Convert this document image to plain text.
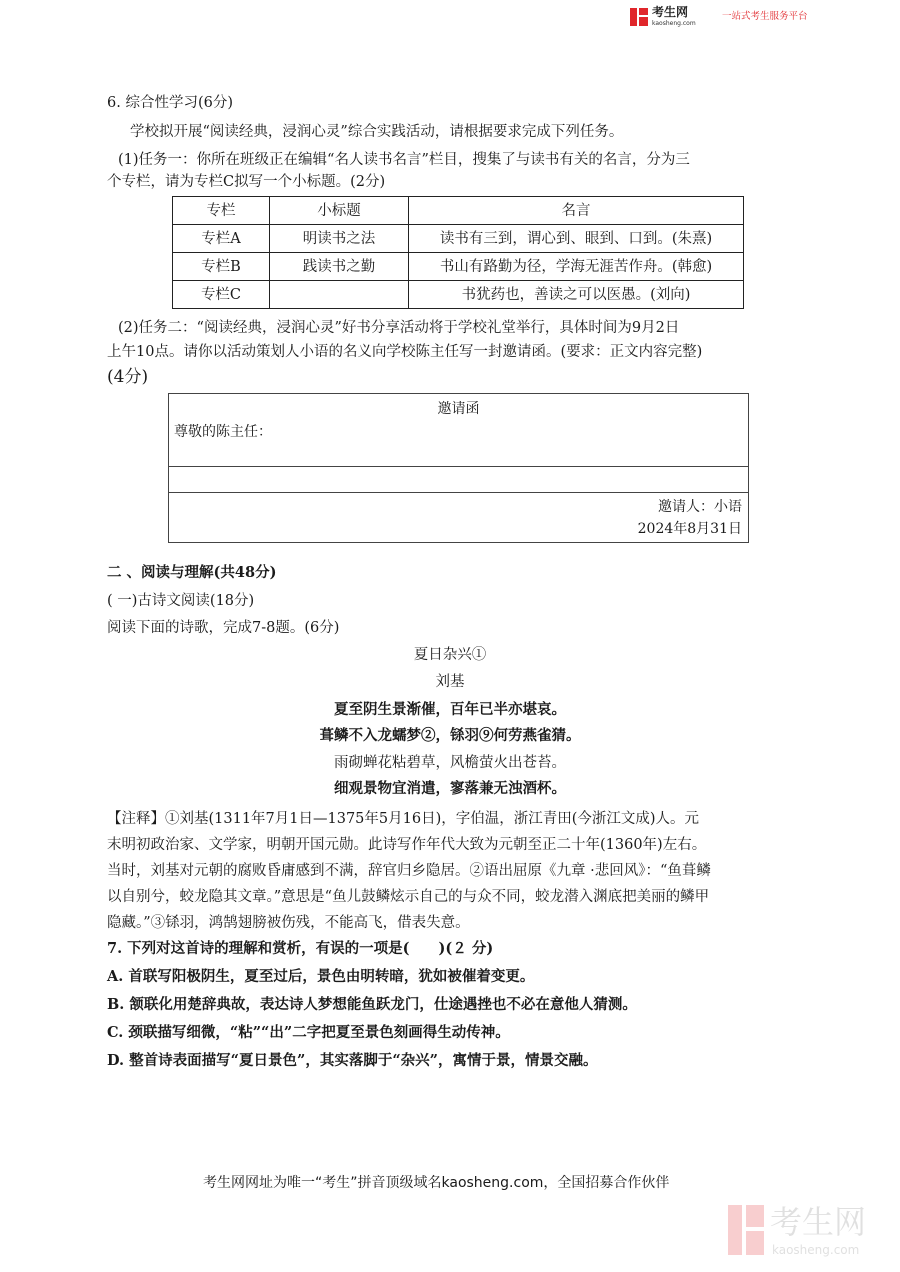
考生网
kaosheng.com
一站式考生服务平台
6. 综合性学习(6分)
学校拟开展“阅读经典，浸润心灵”综合实践活动，请根据要求完成下列任务。
(1)任务一：你所在班级正在编辑“名人读书名言”栏目，搜集了与读书有关的名言，分为三
个专栏，请为专栏C拟写一个小标题。(2分)
专栏	小标题	名言
专栏A	明读书之法	读书有三到，谓心到、眼到、口到。(朱熹)
专栏B	践读书之勤	书山有路勤为径，学海无涯苦作舟。(韩愈)
专栏C		书犹药也，善读之可以医愚。(刘向)
(2)任务二：“阅读经典，浸润心灵”好书分享活动将于学校礼堂举行，具体时间为9月2日
上午10点。请你以活动策划人小语的名义向学校陈主任写一封邀请函。(要求：正文内容完整)
(4分)
邀请函
尊敬的陈主任：
邀请人：小语
2024年8月31日
二 、阅读与理解(共48分)
( 一)古诗文阅读(18分)
阅读下面的诗歌，完成7-8题。(6分)
夏日杂兴①
刘基
夏至阴生景渐催，百年已半亦堪哀。
葺鳞不入龙蠕梦②，铩羽⑨何劳燕雀猜。
雨砌蝉花粘碧草，风檐萤火出苍苔。
细观景物宜消遣，寥落兼无浊酒杯。
【注释】①刘基(1311年7月1日—1375年5月16日)，字伯温，浙江青田(今浙江文成)人。元
末明初政治家、文学家，明朝开国元勋。此诗写作年代大致为元朝至正二十年(1360年)左右。
当时，刘基对元朝的腐败昏庸感到不满，辞官归乡隐居。②语出屈原《九章 ·悲回风》：“鱼葺鳞
以自别兮，蛟龙隐其文章。”意思是“鱼儿鼓鳞炫示自己的与众不同，蛟龙潜入渊底把美丽的鳞甲
隐藏。”③铩羽，鸿鹄翅膀被伤残，不能高飞，借表失意。
7. 下列对这首诗的理解和赏析，有误的一项是(　　)(２ 分)
A. 首联写阳极阴生，夏至过后，景色由明转暗，犹如被催着变更。
B. 颔联化用楚辞典故，表达诗人梦想能鱼跃龙门，仕途遇挫也不必在意他人猜测。
C. 颈联描写细微，“粘”“出”二字把夏至景色刻画得生动传神。
D. 整首诗表面描写“夏日景色”，其实落脚于“杂兴”，寓情于景，情景交融。
考生网网址为唯一“考生”拼音顶级域名kaosheng.com，全国招募合作伙伴
考生网
kaosheng.com
